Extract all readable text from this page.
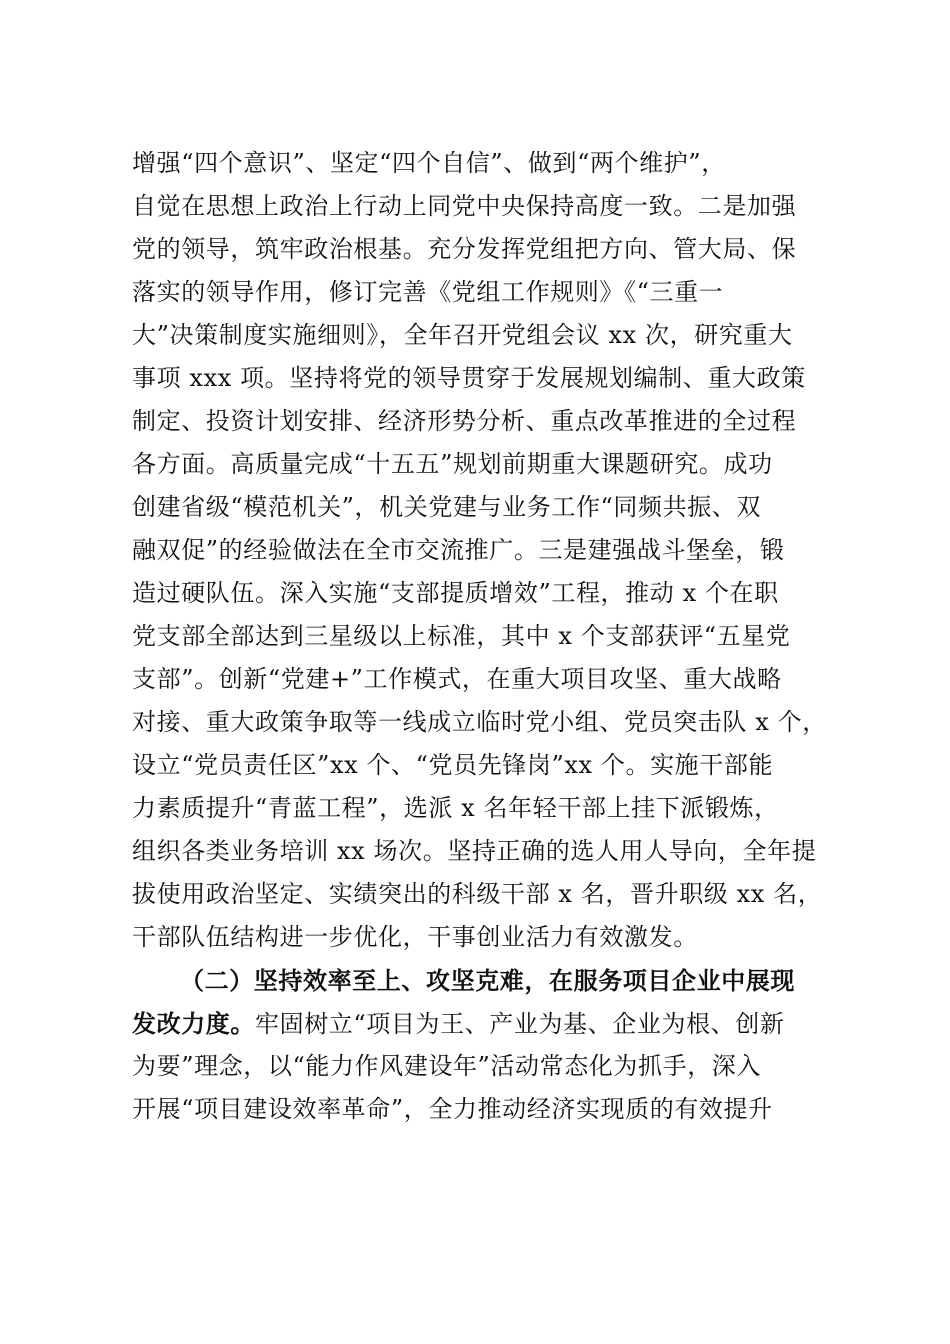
增强“四个意识”、坚定“四个自信”、做到“两个维护”，
自觉在思想上政治上行动上同党中央保持高度一致。二是加强
党的领导，筑牢政治根基。充分发挥党组把方向、管大局、保
落实的领导作用，修订完善《党组工作规则》《“三重一
大”决策制度实施细则》，全年召开党组会议 xx 次，研究重大
事项 xxx 项。坚持将党的领导贯穿于发展规划编制、重大政策
制定、投资计划安排、经济形势分析、重点改革推进的全过程
各方面。高质量完成“十五五”规划前期重大课题研究。成功
创建省级“模范机关”，机关党建与业务工作“同频共振、双
融双促”的经验做法在全市交流推广。三是建强战斗堡垒，锻
造过硬队伍。深入实施“支部提质增效”工程，推动 x 个在职
党支部全部达到三星级以上标准，其中 x 个支部获评“五星党
支部”。创新“党建+”工作模式，在重大项目攻坚、重大战略
对接、重大政策争取等一线成立临时党小组、党员突击队 x 个，
设立“党员责任区”xx 个、“党员先锋岗”xx 个。实施干部能
力素质提升“青蓝工程”，选派 x 名年轻干部上挂下派锻炼，
组织各类业务培训 xx 场次。坚持正确的选人用人导向，全年提
拔使用政治坚定、实绩突出的科级干部 x 名，晋升职级 xx 名，
干部队伍结构进一步优化，干事创业活力有效激发。
（二）坚持效率至上、攻坚克难，在服务项目企业中展现
发改力度。牢固树立“项目为王、产业为基、企业为根、创新
为要”理念，以“能力作风建设年”活动常态化为抓手，深入
开展“项目建设效率革命”，全力推动经济实现质的有效提升
